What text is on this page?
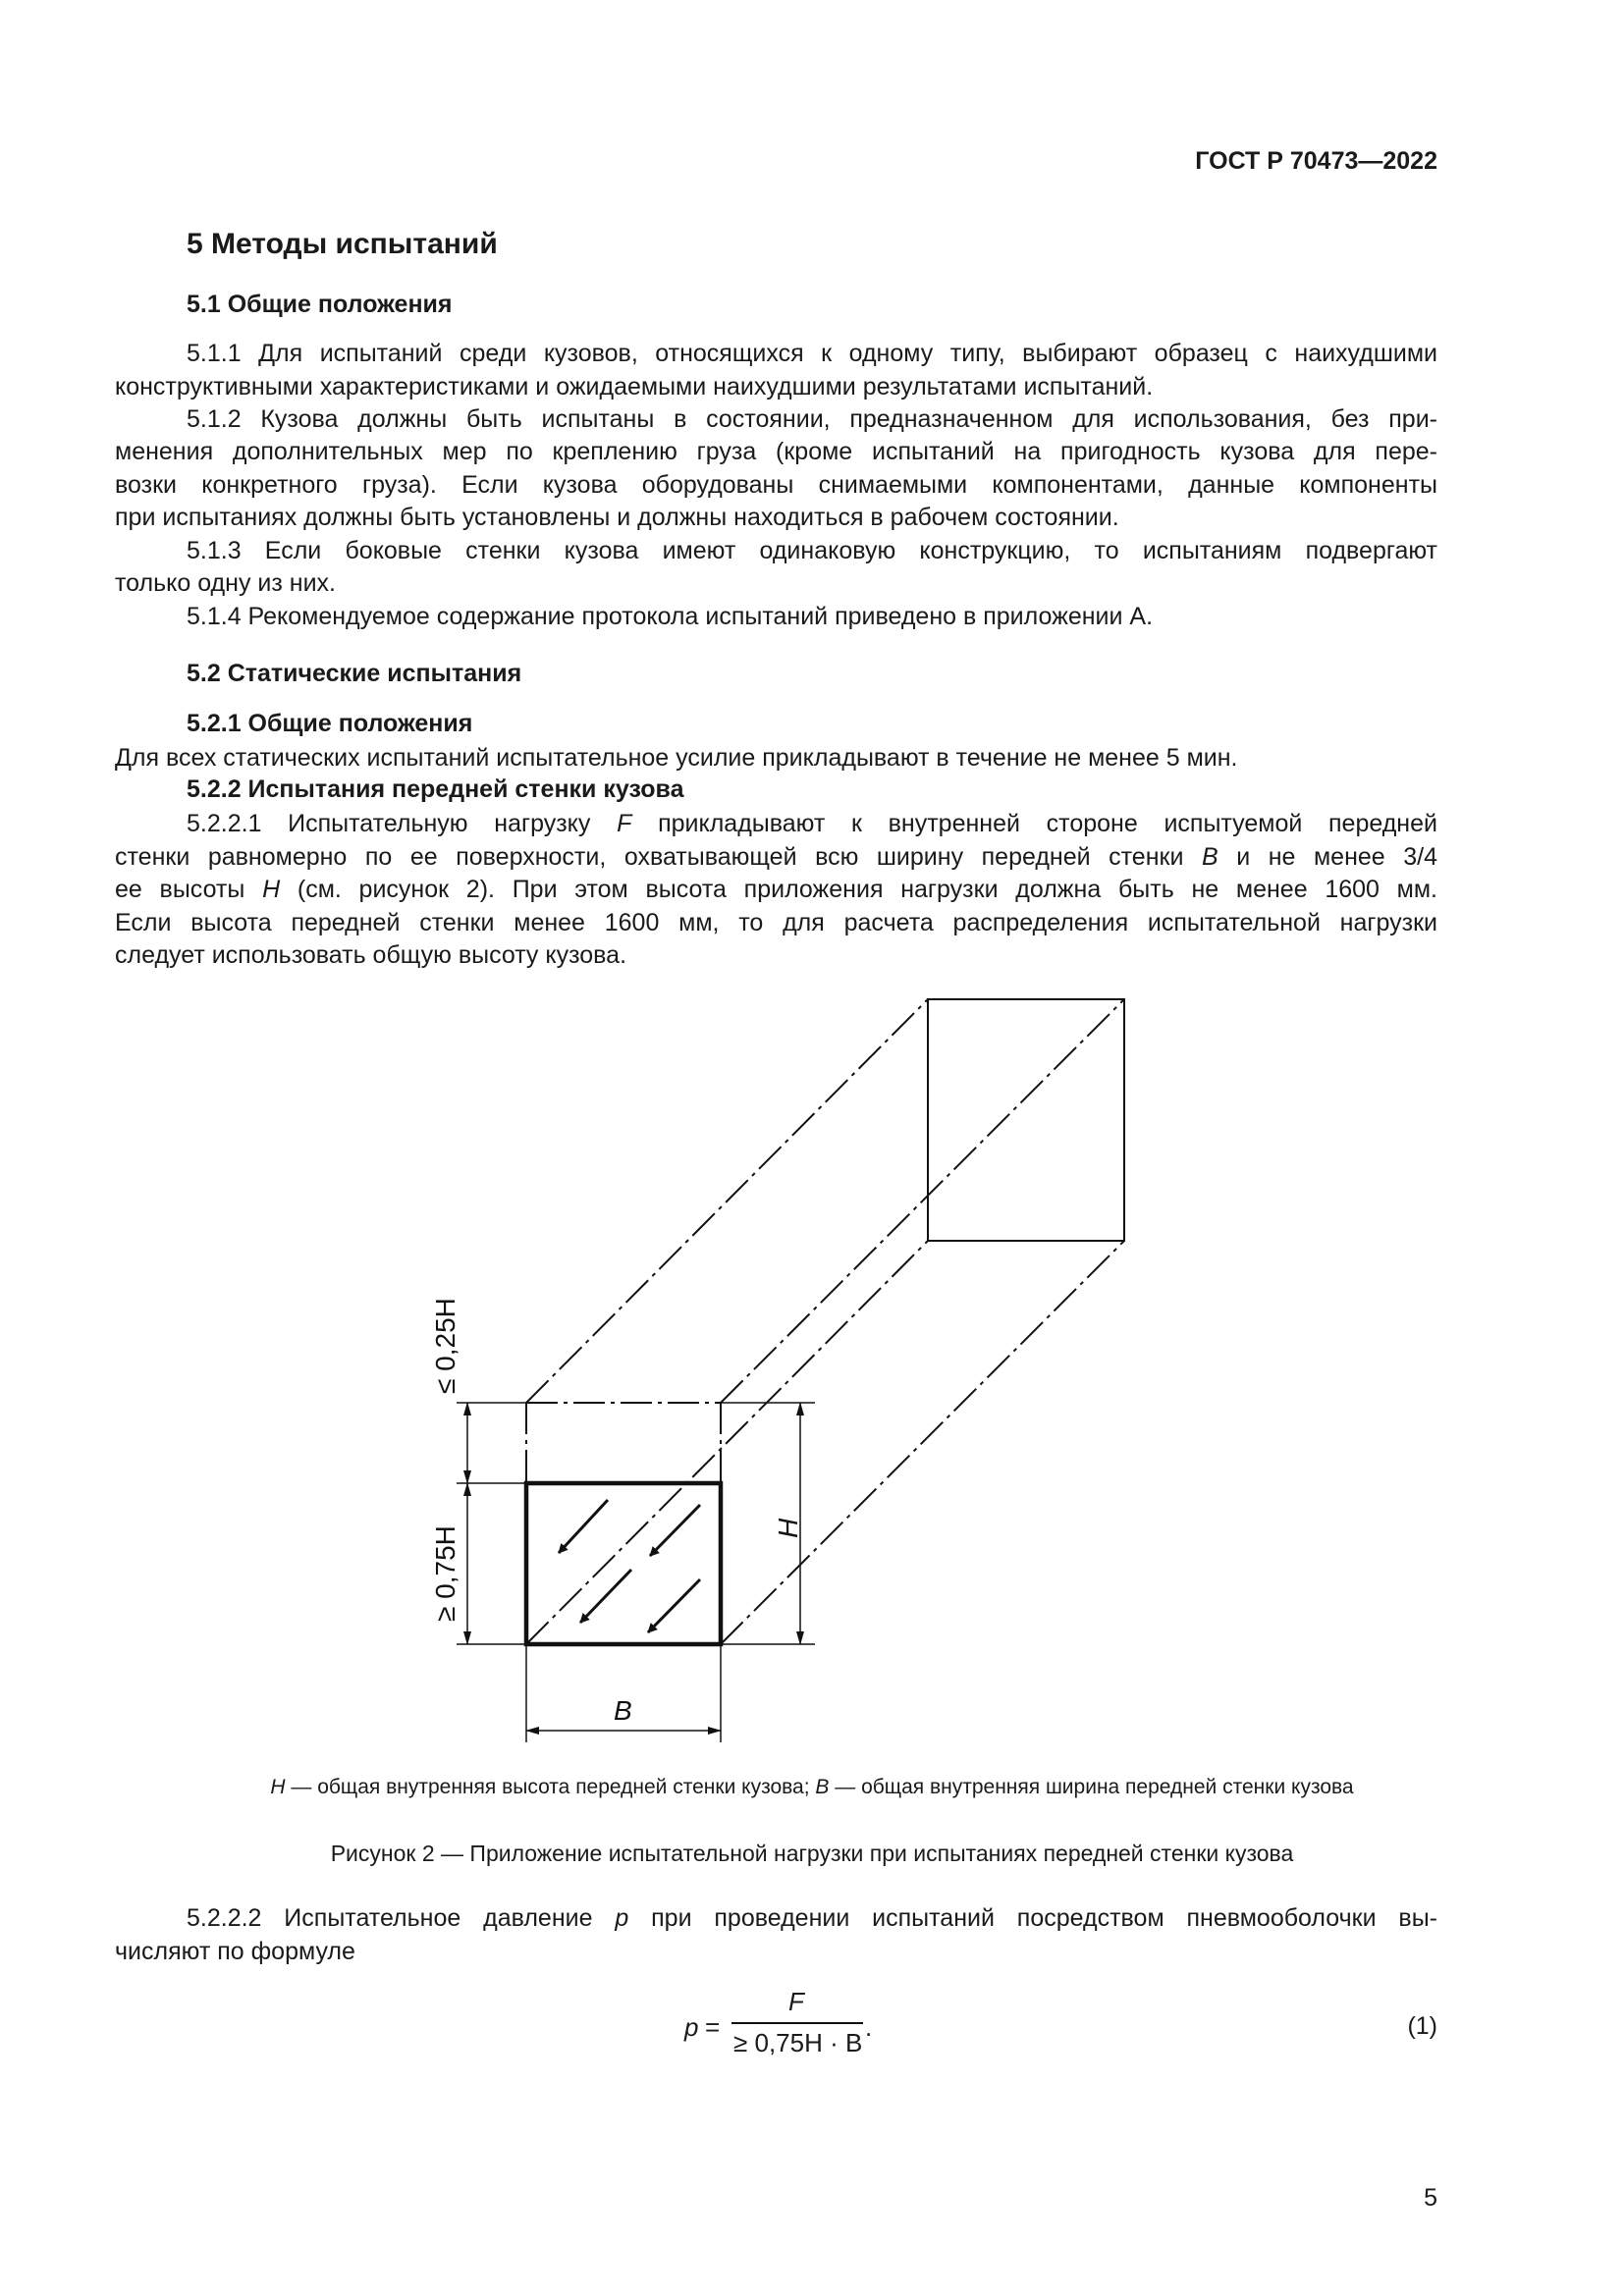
ГОСТ Р 70473—2022
5 Методы испытаний
5.1 Общие положения
5.1.1 Для испытаний среди кузовов, относящихся к одному типу, выбирают образец с наихудшими
конструктивными характеристиками и ожидаемыми наихудшими результатами испытаний.
5.1.2 Кузова должны быть испытаны в состоянии, предназначенном для использования, без при-
менения дополнительных мер по креплению груза (кроме испытаний на пригодность кузова для пере-
возки конкретного груза). Если кузова оборудованы снимаемыми компонентами, данные компоненты
при испытаниях должны быть установлены и должны находиться в рабочем состоянии.
5.1.3 Если боковые стенки кузова имеют одинаковую конструкцию, то испытаниям подвергают
только одну из них.
5.1.4 Рекомендуемое содержание протокола испытаний приведено в приложении А.
5.2 Статические испытания
5.2.1 Общие положения
Для всех статических испытаний испытательное усилие прикладывают в течение не менее 5 мин.
5.2.2 Испытания передней стенки кузова
5.2.2.1 Испытательную нагрузку F прикладывают к внутренней стороне испытуемой передней
стенки равномерно по ее поверхности, охватывающей всю ширину передней стенки B и не менее 3/4
ее высоты H (см. рисунок 2). При этом высота приложения нагрузки должна быть не менее 1600 мм.
Если высота передней стенки менее 1600 мм, то для расчета распределения испытательной нагрузки
следует использовать общую высоту кузова.
≤ 0,25H
≥ 0,75H	H
B
H — общая внутренняя высота передней стенки кузова; B — общая внутренняя ширина передней стенки кузова
Рисунок 2 — Приложение испытательной нагрузки при испытаниях передней стенки кузова
5.2.2.2 Испытательное давление p при проведении испытаний посредством пневмооболочки вы-
числяют по формуле
p =
F
≥ 0,75H · B
.	(1)
5
